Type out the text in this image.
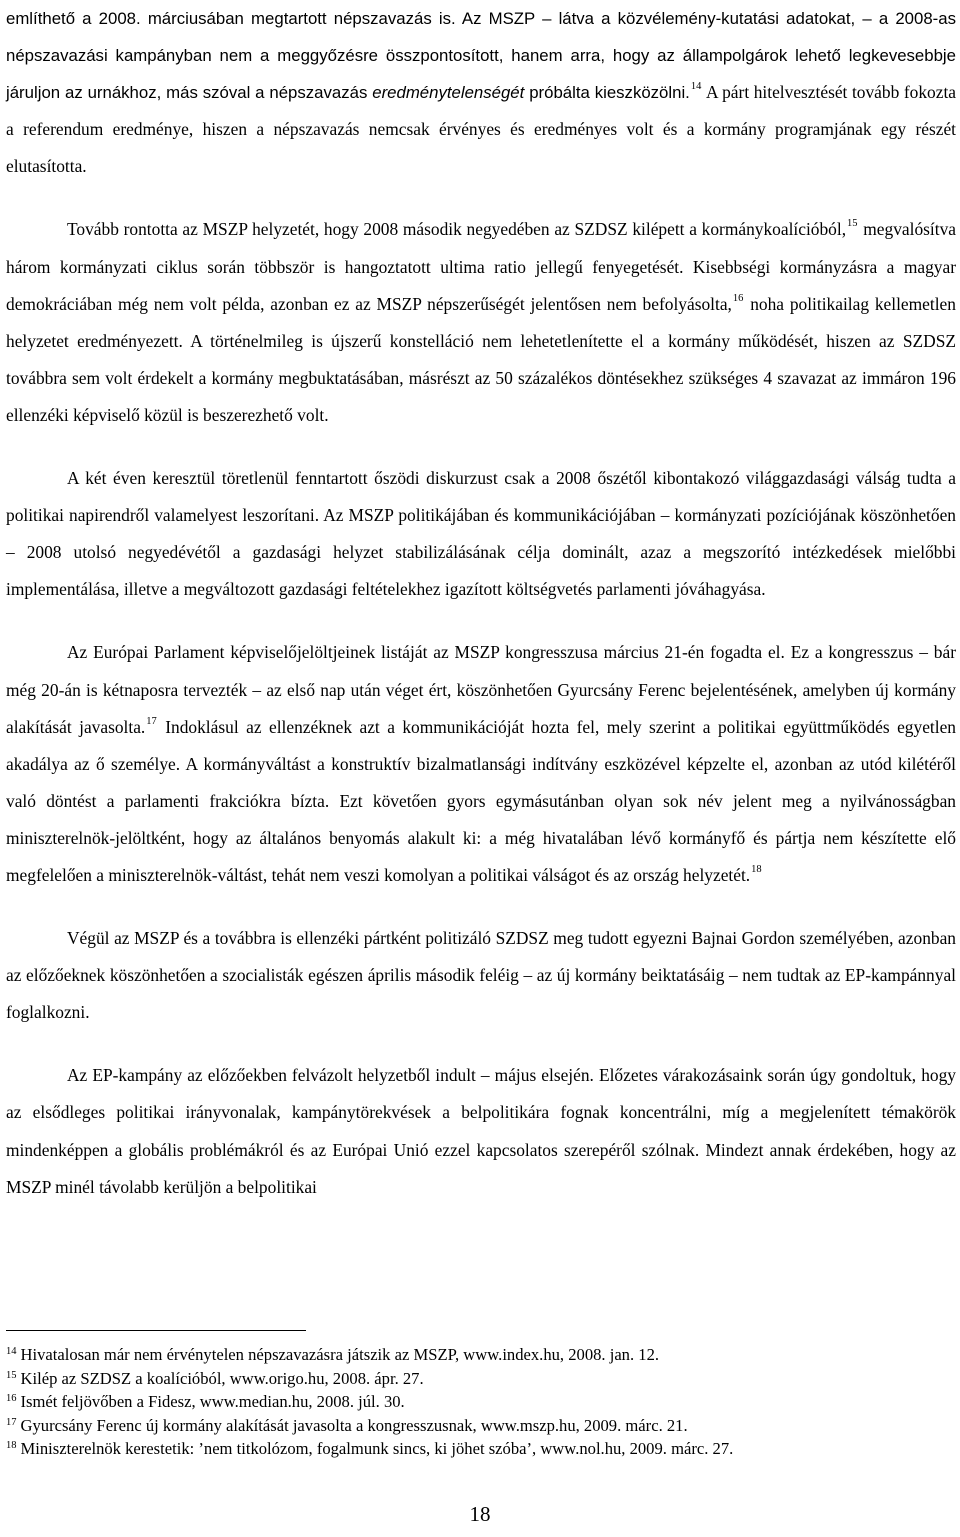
említhető a 2008. márciusában megtartott népszavazás is. Az MSZP – látva a közvélemény-kutatási adatokat, – a 2008-as népszavazási kampányban nem a meggyőzésre összpontosított, hanem arra, hogy az állampolgárok lehető legkevesebbje járuljon az urnákhoz, más szóval a népszavazás eredménytelenségét próbálta kieszközölni.$^{14}$ A párt hitelvesztését tovább fokozta a referendum eredménye, hiszen a népszavazás nemcsak érvényes és eredményes volt és a kormány programjának egy részét elutasította.

Tovább rontotta az MSZP helyzetét, hogy 2008 második negyedében az SZDSZ kilépett a kormánykoalícióból,$^{15}$ megvalósítva három kormányzati ciklus során többször is hangoztatott ultima ratio jellegű fenyegetését. Kisebbségi kormányzásra a magyar demokráciában még nem volt példa, azonban ez az MSZP népszerűségét jelentősen nem befolyásolta,$^{16}$ noha politikailag kellemetlen helyzetet eredményezett. A történelmileg is újszerű konstelláció nem lehetetlenítette el a kormány működését, hiszen az SZDSZ továbbra sem volt érdekelt a kormány megbuktatásában, másrészt az 50 százalékos döntésekhez szükséges 4 szavazat az immáron 196 ellenzéki képviselő közül is beszerezhető volt.

A két éven keresztül töretlenül fenntartott őszödi diskurzust csak a 2008 őszétől kibontakozó világgazdasági válság tudta a politikai napirendről valamelyest leszorítani. Az MSZP politikájában és kommunikációjában – kormányzati pozíciójának köszönhetően – 2008 utolsó negyedévétől a gazdasági helyzet stabilizálásának célja dominált, azaz a megszorító intézkedések mielőbbi implementálása, illetve a megváltozott gazdasági feltételekhez igazított költségvetés parlamenti jóváhagyása.

Az Európai Parlament képviselőjelöltjeinek listáját az MSZP kongresszusa március 21-én fogadta el. Ez a kongresszus – bár még 20-án is kétnaposra tervezték – az első nap után véget ért, köszönhetően Gyurcsány Ferenc bejelentésének, amelyben új kormány alakítását javasolta.$^{17}$ Indoklásul az ellenzéknek azt a kommunikációját hozta fel, mely szerint a politikai együttműködés egyetlen akadálya az ő személye. A kormányváltást a konstruktív bizalmatlansági indítvány eszközével képzelte el, azonban az utód kilétéről való döntést a parlamenti frakciókra bízta. Ezt követően gyors egymásutánban olyan sok név jelent meg a nyilvánosságban miniszterelnök-jelöltként, hogy az általános benyomás alakult ki: a még hivatalában lévő kormányfő és pártja nem készítette elő megfelelően a miniszterelnök-váltást, tehát nem veszi komolyan a politikai válságot és az ország helyzetét.$^{18}$

Végül az MSZP és a továbbra is ellenzéki pártként politizáló SZDSZ meg tudott egyezni Bajnai Gordon személyében, azonban az előzőeknek köszönhetően a szocialisták egészen április második feléig – az új kormány beiktatásáig – nem tudtak az EP-kampánnyal foglalkozni.

Az EP-kampány az előzőekben felvázolt helyzetből indult – május elsején. Előzetes várakozásaink során úgy gondoltuk, hogy az elsődleges politikai irányvonalak, kampánytörekvések a belpolitikára fognak koncentrálni, míg a megjelenített témakörök mindenképpen a globális problémákról és az Európai Unió ezzel kapcsolatos szerepéről szólnak. Mindezt annak érdekében, hogy az MSZP minél távolabb kerüljön a belpolitikai

$^{14}$ Hivatalosan már nem érvénytelen népszavazásra játszik az MSZP, www.index.hu, 2008. jan. 12.

$^{15}$ Kilép az SZDSZ a koalícióból, www.origo.hu, 2008. ápr. 27.

$^{16}$ Ismét feljövőben a Fidesz, www.median.hu, 2008. júl. 30.

$^{17}$ Gyurcsány Ferenc új kormány alakítását javasolta a kongresszusnak, www.mszp.hu, 2009. márc. 21.

$^{18}$ Miniszterelnök kerestetik: ’nem titkolózom, fogalmunk sincs, ki jöhet szóba’, www.nol.hu, 2009. márc. 27.

18
